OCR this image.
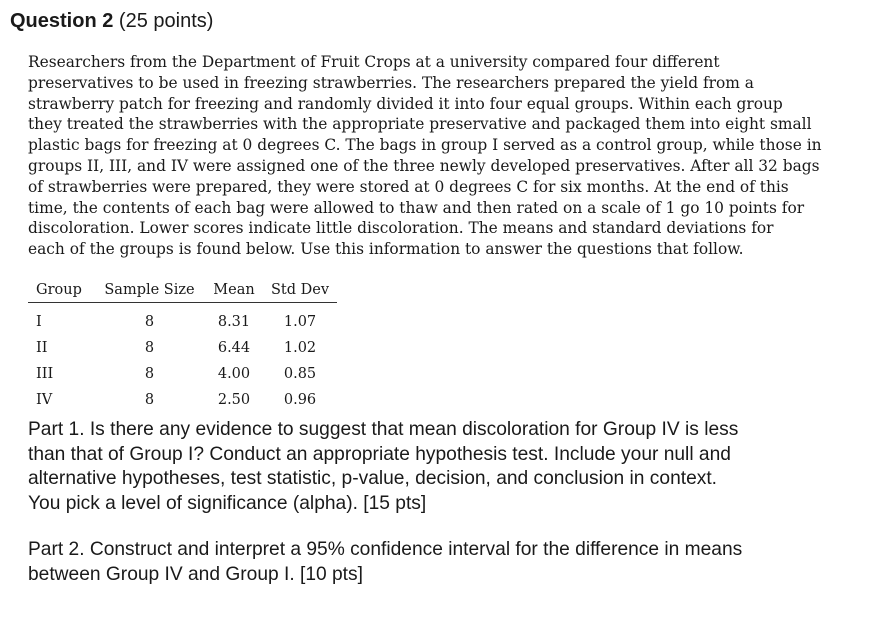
Question 2 (25 points)
Researchers from the Department of Fruit Crops at a university compared four different
preservatives to be used in freezing strawberries. The researchers prepared the yield from a
strawberry patch for freezing and randomly divided it into four equal groups. Within each group
they treated the strawberries with the appropriate preservative and packaged them into eight small
plastic bags for freezing at 0 degrees C. The bags in group I served as a control group, while those in
groups II, III, and IV were assigned one of the three newly developed preservatives. After all 32 bags
of strawberries were prepared, they were stored at 0 degrees C for six months. At the end of this
time, the contents of each bag were allowed to thaw and then rated on a scale of 1 go 10 points for
discoloration. Lower scores indicate little discoloration. The means and standard deviations for
each of the groups is found below. Use this information to answer the questions that follow.
Group	Sample Size	Mean	Std Dev
I	8	8.31	1.07
II	8	6.44	1.02
III	8	4.00	0.85
IV	8	2.50	0.96
Part 1. Is there any evidence to suggest that mean discoloration for Group IV is less
than that of Group I? Conduct an appropriate hypothesis test. Include your null and
alternative hypotheses, test statistic, p-value, decision, and conclusion in context.
You pick a level of significance (alpha). [15 pts]
Part 2. Construct and interpret a 95% confidence interval for the difference in means
between Group IV and Group I. [10 pts]
